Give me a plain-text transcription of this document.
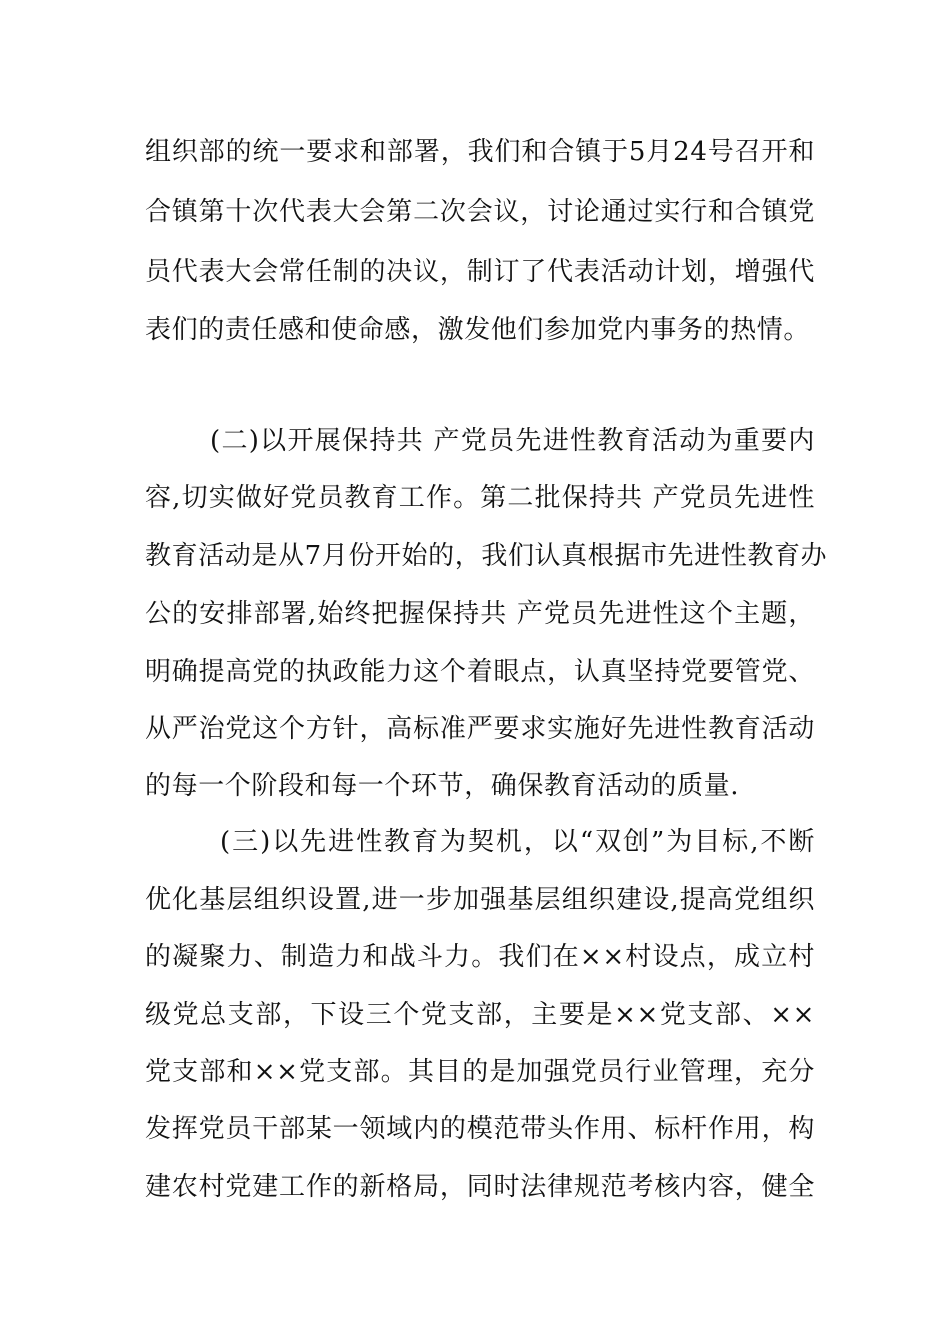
组织部的统一要求和部署，我们和合镇于5月24号召开和
合镇第十次代表大会第二次会议，讨论通过实行和合镇党
员代表大会常任制的决议，制订了代表活动计划，增强代
表们的责任感和使命感，激发他们参加党内事务的热情。
(二)以开展保持共 产党员先进性教育活动为重要内
容,切实做好党员教育工作。第二批保持共 产党员先进性
教育活动是从7月份开始的，我们认真根据市先进性教育办
公的安排部署,始终把握保持共 产党员先进性这个主题，
明确提高党的执政能力这个着眼点，认真坚持党要管党、
从严治党这个方针，高标准严要求实施好先进性教育活动
的每一个阶段和每一个环节，确保教育活动的质量.
(三)以先进性教育为契机，以“双创”为目标,不断
优化基层组织设置,进一步加强基层组织建设,提高党组织
的凝聚力、制造力和战斗力。我们在××村设点，成立村
级党总支部，下设三个党支部，主要是××党支部、××
党支部和××党支部。其目的是加强党员行业管理，充分
发挥党员干部某一领域内的模范带头作用、标杆作用，构
建农村党建工作的新格局，同时法律规范考核内容，健全
